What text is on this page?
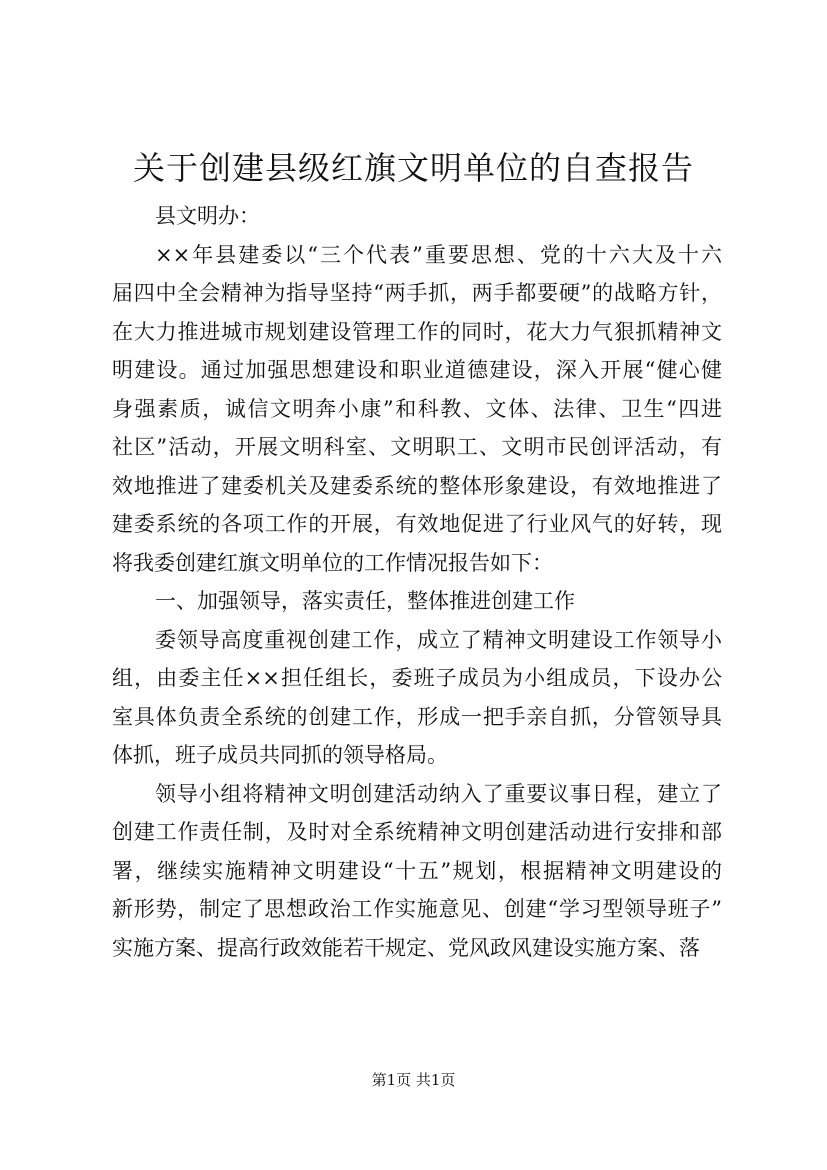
关于创建县级红旗文明单位的自查报告
县文明办：
××年县建委以“三个代表”重要思想、党的十六大及十六
届四中全会精神为指导坚持“两手抓，两手都要硬”的战略方针，
在大力推进城市规划建设管理工作的同时，花大力气狠抓精神文
明建设。通过加强思想建设和职业道德建设，深入开展“健心健
身强素质，诚信文明奔小康”和科教、文体、法律、卫生“四进
社区”活动，开展文明科室、文明职工、文明市民创评活动，有
效地推进了建委机关及建委系统的整体形象建设，有效地推进了
建委系统的各项工作的开展，有效地促进了行业风气的好转，现
将我委创建红旗文明单位的工作情况报告如下：
一、加强领导，落实责任，整体推进创建工作
委领导高度重视创建工作，成立了精神文明建设工作领导小
组，由委主任××担任组长，委班子成员为小组成员，下设办公
室具体负责全系统的创建工作，形成一把手亲自抓，分管领导具
体抓，班子成员共同抓的领导格局。
领导小组将精神文明创建活动纳入了重要议事日程，建立了
创建工作责任制，及时对全系统精神文明创建活动进行安排和部
署，继续实施精神文明建设“十五”规划，根据精神文明建设的
新形势，制定了思想政治工作实施意见、创建“学习型领导班子”
实施方案、提高行政效能若干规定、党风政风建设实施方案、落
第1页 共1页
